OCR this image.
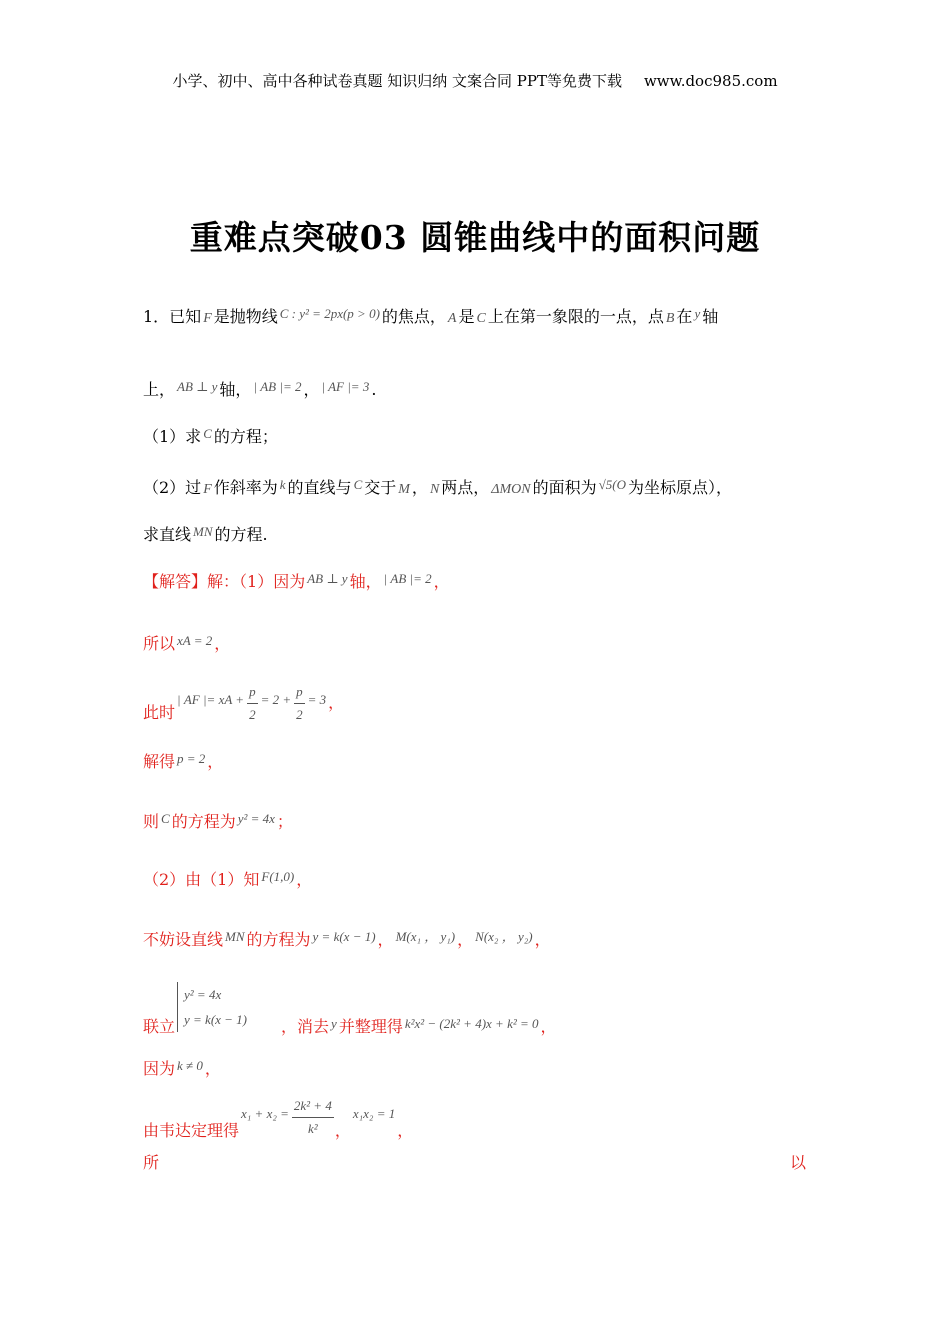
小学、初中、高中各种试卷真题 知识归纳 文案合同 PPT等免费下载 www.doc985.com
重难点突破03 圆锥曲线中的面积问题
1．已知 F 是抛物线 $^{C : y^2 = 2px(p > 0)}$ 的焦点， A 是 C 上在第一象限的一点，点 B 在 $^y$ 轴
上， $^{AB \perp y}$ 轴， $^{| AB |= 2}$ ， $^{| AF |= 3}$ .
（1）求 $^C$ 的方程；
（2）过 F 作斜率为 $^k$ 的直线与 $^C$ 交于 M ， N 两点， ΔMON 的面积为 $^{√5(O}$ 为坐标原点），
求直线 $^{MN}$ 的方程.
【解答】解：（1）因为 $^{AB \perp y}$ 轴， $^{| AB |= 2}$ ，
所以 $^{xA = 2}$ ，
此时$^{| AF |= xA +} \frac{p}{2} ^{= 2 +} \frac{p}{2} ^{= 3}$ ，
解得 $^{p = 2}$ ，
则 $^C$ 的方程为 $^{y^2 = 4x}$ ；
（2）由（1）知 $^{F(1,0)}$ ，
不妨设直线 $^{MN}$ 的方程为 $^{y = k(x - 1)}$ ， $^{M(x_1 , y_1)}$ ， $^{N(x_2 , y_2)}$ ，
y² = 4x
y = k(x − 1)
联立	，消去 $^y$ 并整理得 $^{k^2x^2 - (2k^2 + 4)x + k^2 = 0}$ ，
因为 $^{k \ne 0}$ ，
由韦达定理得$^{x_1 + x_2 =} \frac{\text{2k² + 4}}{\text{k²}}$ ，$^{x_1x_2 = 1}$，
所	以
